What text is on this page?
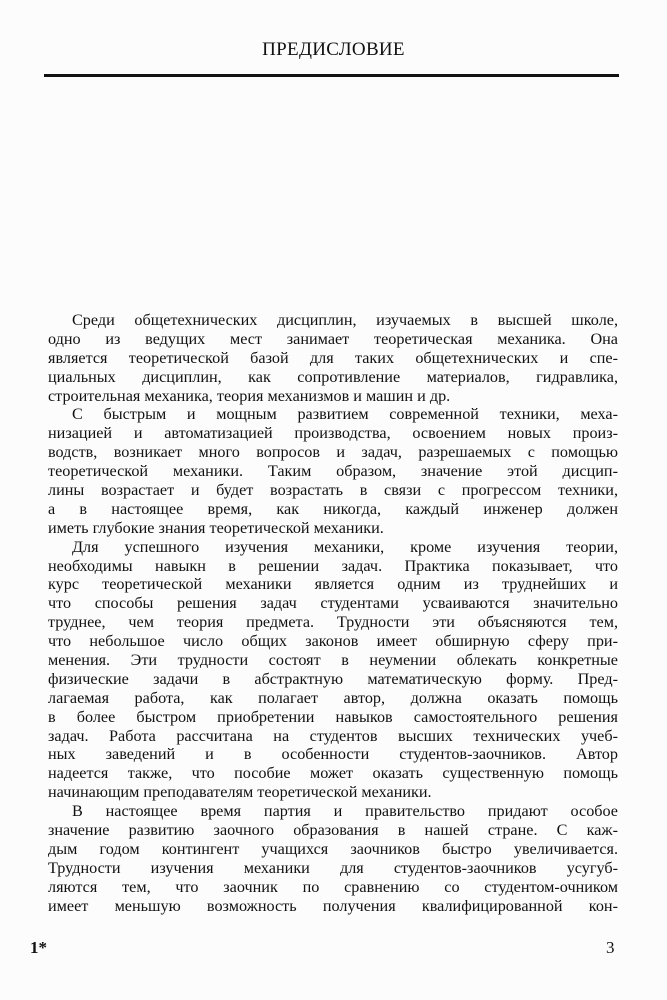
ПРЕДИСЛОВИЕ
Среди общетехнических дисциплин, изучаемых в высшей школе,
одно из ведущих мест занимает теоретическая механика. Она
является теоретической базой для таких общетехнических и спе-
циальных дисциплин, как сопротивление материалов, гидравлика,
строительная механика, теория механизмов и машин и др.
С быстрым и мощным развитием современной техники, меха-
низацией и автоматизацией производства, освоением новых произ-
водств, возникает много вопросов и задач, разрешаемых с помощью
теоретической механики. Таким образом, значение этой дисцип-
лины возрастает и будет возрастать в связи с прогрессом техники,
а в настоящее время, как никогда, каждый инженер должен
иметь глубокие знания теоретической механики.
Для успешного изучения механики, кроме изучения теории,
необходимы навыкн в решении задач. Практика показывает, что
курс теоретической механики является одним из труднейших и
что способы решения задач студентами усваиваются значительно
труднее, чем теория предмета. Трудности эти объясняются тем,
что небольшое число общих законов имеет обширную сферу при-
менения. Эти трудности состоят в неумении облекать конкретные
физические задачи в абстрактную математическую форму. Пред-
лагаемая работа, как полагает автор, должна оказать помощь
в более быстром приобретении навыков самостоятельного решения
задач. Работа рассчитана на студентов высших технических учеб-
ных заведений и в особенности студентов-заочников. Автор
надеется также, что пособие может оказать существенную помощь
начинающим преподавателям теоретической механики.
В настоящее время партия и правительство придают особое
значение развитию заочного образования в нашей стране. С каж-
дым годом контингент учащихся заочников быстро увеличивается.
Трудности изучения механики для студентов-заочников усугуб-
ляются тем, что заочник по сравнению со студентом-очником
имеет меньшую возможность получения квалифицированной кон-
1*	3
